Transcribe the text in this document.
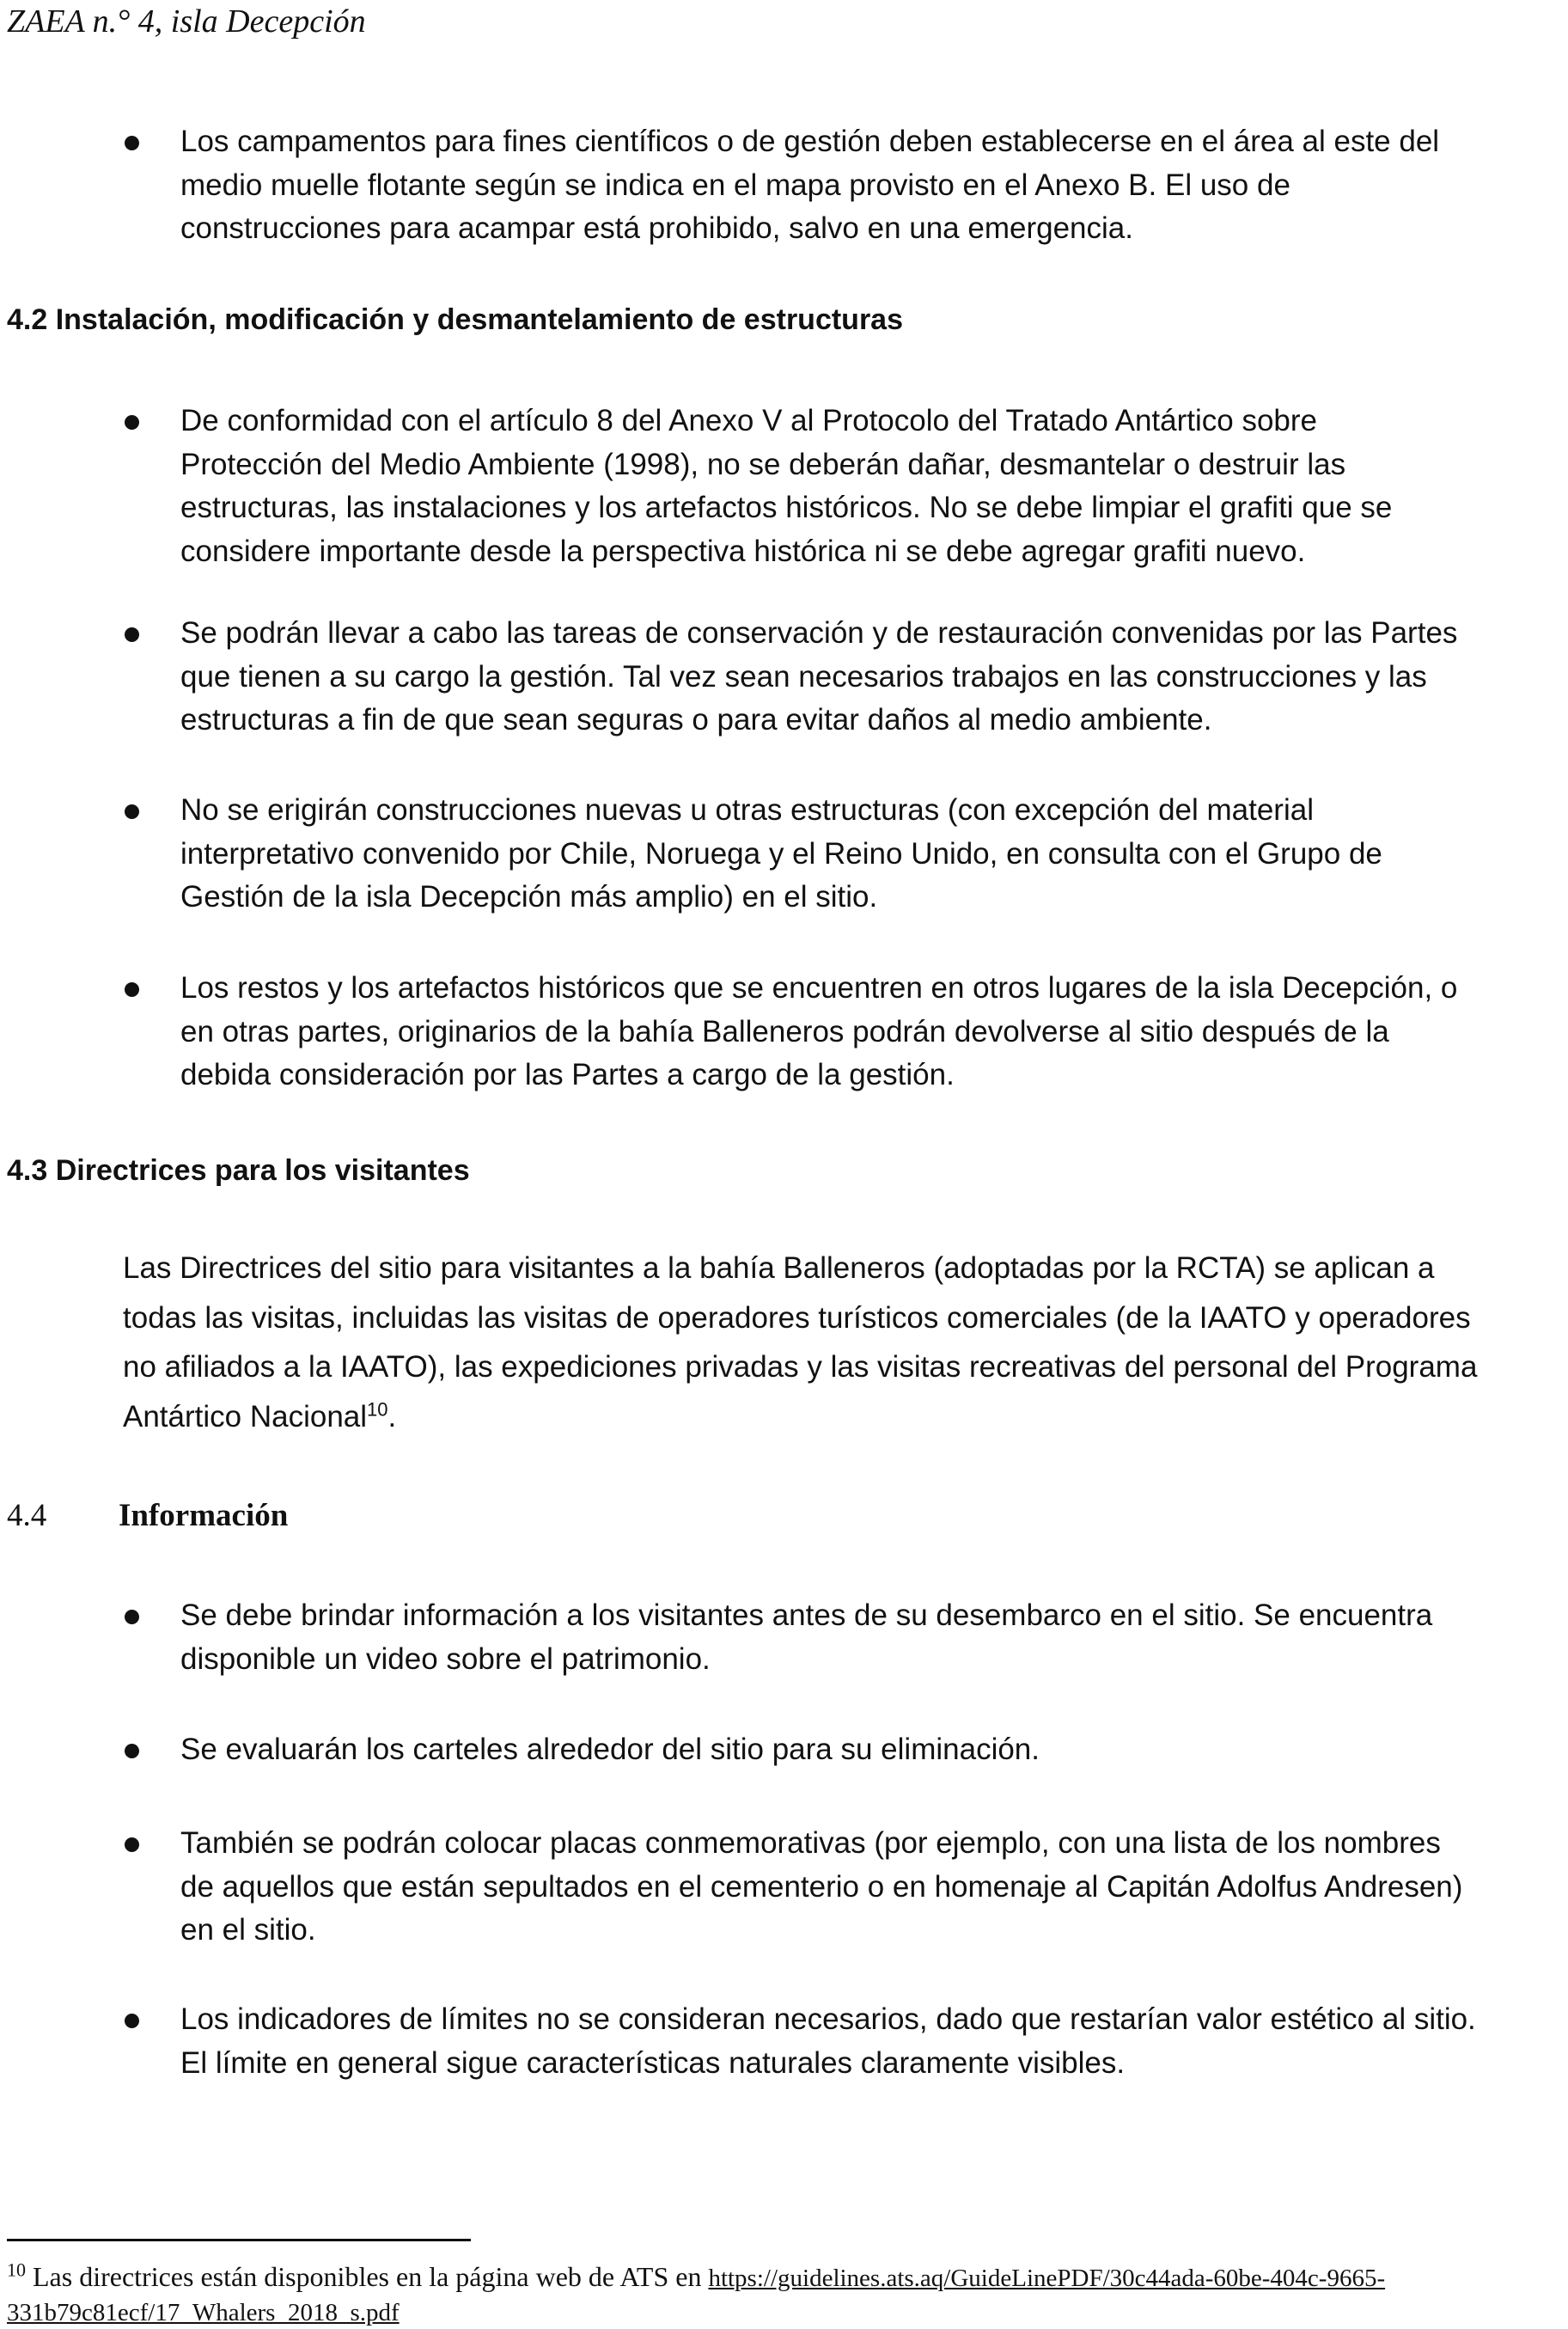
ZAEA n.° 4, isla Decepción
Los campamentos para fines científicos o de gestión deben establecerse en el área al este del
medio muelle flotante según se indica en el mapa provisto en el Anexo B. El uso de
construcciones para acampar está prohibido, salvo en una emergencia.
4.2 Instalación, modificación y desmantelamiento de estructuras
De conformidad con el artículo 8 del Anexo V al Protocolo del Tratado Antártico sobre
Protección del Medio Ambiente (1998), no se deberán dañar, desmantelar o destruir las
estructuras, las instalaciones y los artefactos históricos. No se debe limpiar el grafiti que se
considere importante desde la perspectiva histórica ni se debe agregar grafiti nuevo.
Se podrán llevar a cabo las tareas de conservación y de restauración convenidas por las Partes
que tienen a su cargo la gestión. Tal vez sean necesarios trabajos en las construcciones y las
estructuras a fin de que sean seguras o para evitar daños al medio ambiente.
No se erigirán construcciones nuevas u otras estructuras (con excepción del material
interpretativo convenido por Chile, Noruega y el Reino Unido, en consulta con el Grupo de
Gestión de la isla Decepción más amplio) en el sitio.
Los restos y los artefactos históricos que se encuentren en otros lugares de la isla Decepción, o
en otras partes, originarios de la bahía Balleneros podrán devolverse al sitio después de la
debida consideración por las Partes a cargo de la gestión.
4.3 Directrices para los visitantes
Las Directrices del sitio para visitantes a la bahía Balleneros (adoptadas por la RCTA) se aplican a
todas las visitas, incluidas las visitas de operadores turísticos comerciales (de la IAATO y operadores
no afiliados a la IAATO), las expediciones privadas y las visitas recreativas del personal del Programa
Antártico Nacional$^{10}$.
4.4 Información
Se debe brindar información a los visitantes antes de su desembarco en el sitio. Se encuentra
disponible un video sobre el patrimonio.
Se evaluarán los carteles alrededor del sitio para su eliminación.
También se podrán colocar placas conmemorativas (por ejemplo, con una lista de los nombres
de aquellos que están sepultados en el cementerio o en homenaje al Capitán Adolfus Andresen)
en el sitio.
Los indicadores de límites no se consideran necesarios, dado que restarían valor estético al sitio.
El límite en general sigue características naturales claramente visibles.
$^{10}$ Las directrices están disponibles en la página web de ATS en https://guidelines.ats.aq/GuideLinePDF/30c44ada-60be-404c-9665-
331b79c81ecf/17_Whalers_2018_s.pdf
